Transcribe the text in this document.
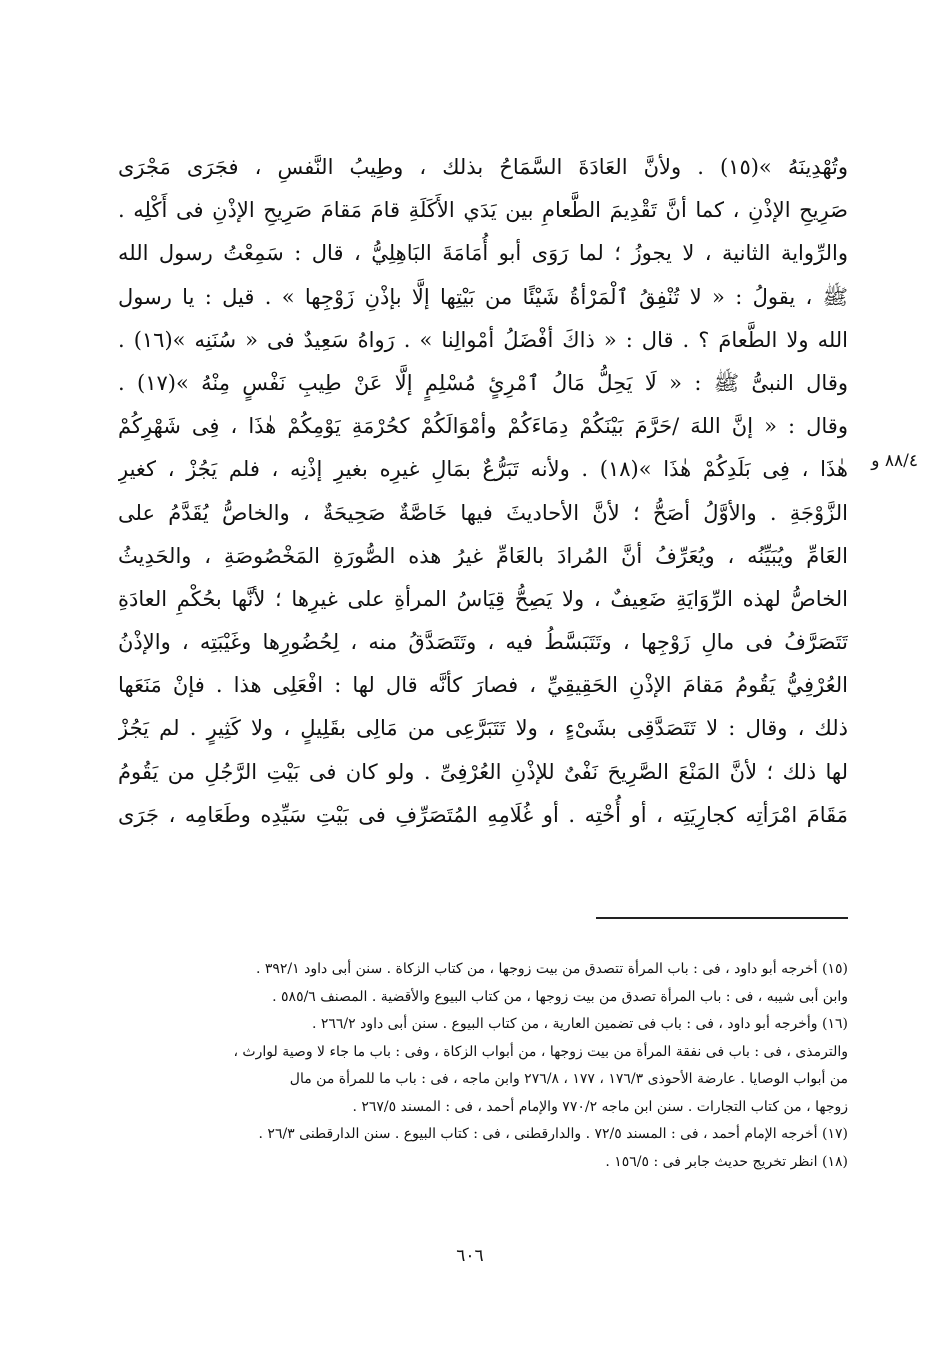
وتُهْدِينَهُ »(١٥) . ولأنَّ العَادَةَ السَّمَاحُ بذلك ، وطِيبُ النَّفسِ ، فجَرَى مَجْرَى
صَرِيحِ الإذْنِ ، كما أنَّ تَقْدِيمَ الطَّعامِ بين يَدَي الأَكَلَةِ قامَ مَقامَ صَرِيحِ الإذْنِ فى أَكْلِه .
والرِّواية الثانية ، لا يجوزُ ؛ لما رَوَى أبو أُمَامَةَ البَاهِلِيُّ ، قال : سَمِعْتُ رسول الله
ﷺ ، يقولُ : « لا تُنْفِقُ ٱلْمَرْأةُ شَيْئًا من بَيْتِها إلَّا بإذْنِ زَوْجِها » . قيل : يا رسول
الله ولا الطَّعامَ ؟ . قال : « ذاكَ أفْضَلُ أمْوالِنا » . رَواهُ سَعِيدٌ فى « سُنَنِه »(١٦) .
وقال النبىُّ ﷺ : « لَا يَحِلُّ مَالُ ٱمْرِئٍ مُسْلِمٍ إلَّا عَنْ طِيبِ نَفْسٍ مِنْهُ »(١٧) .
وقال : « إنَّ اللهَ /حَرَّمَ بَيْنَكُمْ دِمَاءَكُمْ وأمْوَالَكُمْ كحُرْمَةِ يَوْمِكُمْ هٰذَا ، فِى شَهْرِكُمْ
هٰذَا ، فِى بَلَدِكُمْ هٰذَا »(١٨) . ولأنه تَبَرُّعٌ بمَالِ غيرِه بغيرِ إذْنِه ، فلم يَجُزْ ، كغيرِ
الزَّوْجَةِ . والأوَّلُ أصَحُّ ؛ لأنَّ الأحاديثَ فيها خَاصَّةٌ صَحِيحَةٌ ، والخاصُّ يُقَدَّمُ على
العَامِّ ويُبَيِّنُه ، ويُعَرِّفُ أنَّ المُرادَ بالعَامِّ غيرُ هذه الصُّورَةِ المَخْصُوصَةِ ، والحَدِيثُ
الخاصُّ لهذه الرِّوَايَةِ ضَعِيفٌ ، ولا يَصِحُّ قِيَاسُ المرأةِ على غيرِها ؛ لأنَّها بحُكْمِ العادَةِ
تَتَصَرَّفُ فى مالِ زَوْجِها ، وتَتَبَسَّطُ فيه ، وتَتَصَدَّقُ منه ، لِحُضُورِها وغَيْبَتِه ، والإذْنُ
العُرْفِيُّ يَقُومُ مَقامَ الإذْنِ الحَقِيقِيِّ ، فصارَ كأنَّه قال لها : افْعَلِى هذا . فإنْ مَنَعَها
ذلك ، وقال : لا تَتَصَدَّقِى بشَىْءٍ ، ولا تَتَبَرَّعِى من مَالِى بقَلِيلٍ ، ولا كَثِيرٍ . لم يَجُزْ
لها ذلك ؛ لأنَّ المَنْعَ الصَّرِيحَ نَفْىٌ للإذْنِ العُرْفِىِّ . ولو كان فى بَيْتِ الرَّجُلِ من يَقُومُ
مَقَامَ امْرَأتِه كجارِيَتِه ، أو أُخْتِه . أو غُلَامِهِ المُتَصَرِّفِ فى بَيْتِ سَيِّدِه وطَعَامِه ، جَرَى
٨٨/٤ و
(١٥) أخرجه أبو داود ، فى : باب المرأة تتصدق من بيت زوجها ، من كتاب الزكاة . سنن أبى داود ٣٩٢/١ .
وابن أبى شيبه ، فى : باب المرأة تصدق من بيت زوجها ، من كتاب البيوع والأقضية . المصنف ٥٨٥/٦ .
(١٦) وأخرجه أبو داود ، فى : باب فى تضمين العارية ، من كتاب البيوع . سنن أبى داود ٢٦٦/٢ .
والترمذى ، فى : باب فى نفقة المرأة من بيت زوجها ، من أبواب الزكاة ، وفى : باب ما جاء لا وصية لوارث ،
من أبواب الوصايا . عارضة الأحوذى ١٧٦/٣ ، ١٧٧ ، ٢٧٦/٨ وابن ماجه ، فى : باب ما للمرأة من مال
زوجها ، من كتاب التجارات . سنن ابن ماجه ٧٧٠/٢ والإمام أحمد ، فى : المسند ٢٦٧/٥ .
(١٧) أخرجه الإمام أحمد ، فى : المسند ٧٢/٥ . والدارقطنى ، فى : كتاب البيوع . سنن الدارقطنى ٢٦/٣ .
(١٨) انظر تخريج حديث جابر فى : ١٥٦/٥ .
٦٠٦
